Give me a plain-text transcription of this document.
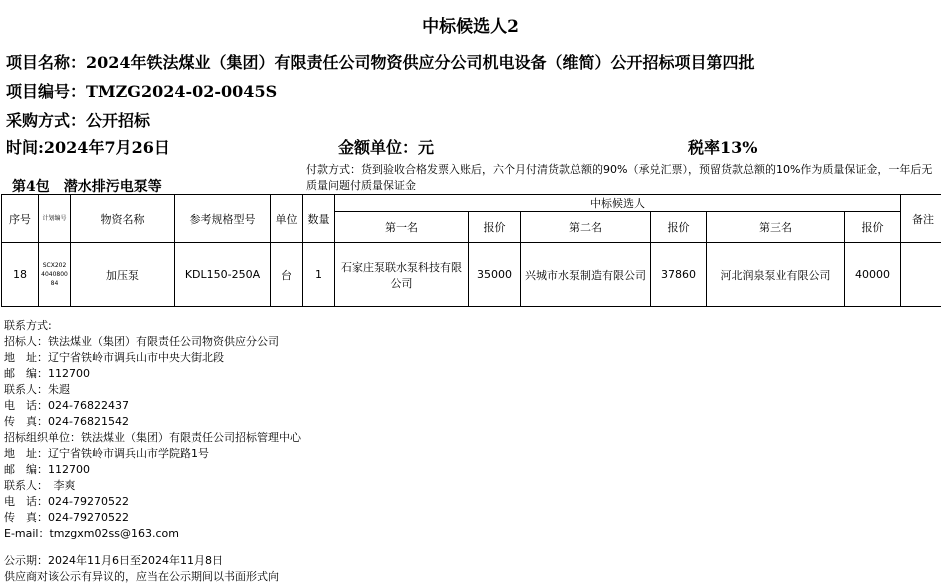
中标候选人2
项目名称：2024年铁法煤业（集团）有限责任公司物资供应分公司机电设备（维简）公开招标项目第四批
项目编号：TMZG2024-02-0045S
采购方式：公开招标
时间:2024年7月26日	金额单位：元	税率13%
第4包　潜水排污电泵等
付款方式：货到验收合格发票入账后，六个月付清货款总额的90%（承兑汇票），预留货款总额的10%作为质量保证金，一年后无质量问题付质量保证金
序号	计划编号	物资名称	参考规格型号	单位	数量	中标候选人						备注
						第一名	报价	第二名	报价	第三名	报价	
18	SCX202404080084	加压泵	KDL150-250A	台	1	石家庄泵联水泵科技有限公司	35000	兴城市水泵制造有限公司	37860	河北润泉泵业有限公司	40000	
联系方式:
招标人：铁法煤业（集团）有限责任公司物资供应分公司
地　址：辽宁省铁岭市调兵山市中央大街北段
邮　编：112700
联系人：朱遐
电　话：024-76822437
传　真：024-76821542
招标组织单位：铁法煤业（集团）有限责任公司招标管理中心
地　址：辽宁省铁岭市调兵山市学院路1号
邮　编：112700
联系人：　李爽
电　话：024-79270522
传　真：024-79270522
E-mail：tmzgxm02ss@163.com
公示期：2024年11月6日至2024年11月8日
供应商对该公示有异议的，应当在公示期间以书面形式向
